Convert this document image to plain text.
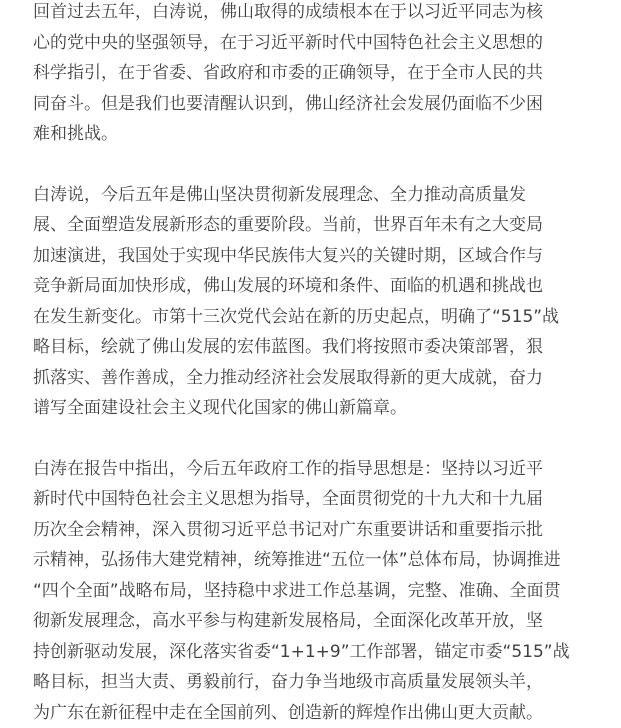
回首过去五年，白涛说，佛山取得的成绩根本在于以习近平同志为核
心的党中央的坚强领导，在于习近平新时代中国特色社会主义思想的
科学指引，在于省委、省政府和市委的正确领导，在于全市人民的共
同奋斗。但是我们也要清醒认识到，佛山经济社会发展仍面临不少困
难和挑战。

白涛说，今后五年是佛山坚决贯彻新发展理念、全力推动高质量发
展、全面塑造发展新形态的重要阶段。当前，世界百年未有之大变局
加速演进，我国处于实现中华民族伟大复兴的关键时期，区域合作与
竞争新局面加快形成，佛山发展的环境和条件、面临的机遇和挑战也
在发生新变化。市第十三次党代会站在新的历史起点，明确了“515”战
略目标，绘就了佛山发展的宏伟蓝图。我们将按照市委决策部署，狠
抓落实、善作善成，全力推动经济社会发展取得新的更大成就，奋力
谱写全面建设社会主义现代化国家的佛山新篇章。

白涛在报告中指出，今后五年政府工作的指导思想是：坚持以习近平
新时代中国特色社会主义思想为指导，全面贯彻党的十九大和十九届
历次全会精神，深入贯彻习近平总书记对广东重要讲话和重要指示批
示精神，弘扬伟大建党精神，统筹推进“五位一体”总体布局，协调推进
“四个全面”战略布局，坚持稳中求进工作总基调，完整、准确、全面贯
彻新发展理念，高水平参与构建新发展格局，全面深化改革开放，坚
持创新驱动发展，深化落实省委“1+1+9”工作部署，锚定市委“515”战
略目标，担当大责、勇毅前行，奋力争当地级市高质量发展领头羊，
为广东在新征程中走在全国前列、创造新的辉煌作出佛山更大贡献。
